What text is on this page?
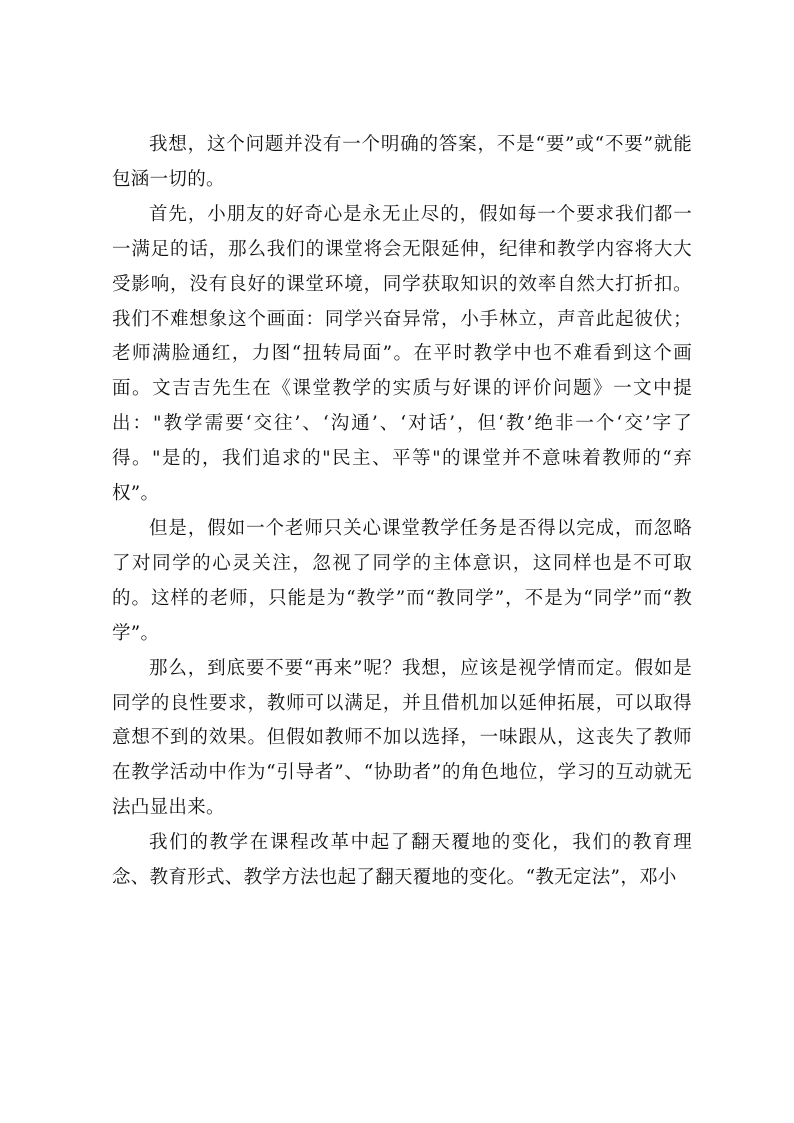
我想，这个问题并没有一个明确的答案，不是“要”或“不要”就能包涵一切的。

首先，小朋友的好奇心是永无止尽的，假如每一个要求我们都一一满足的话，那么我们的课堂将会无限延伸，纪律和教学内容将大大受影响，没有良好的课堂环境，同学获取知识的效率自然大打折扣。我们不难想象这个画面：同学兴奋异常，小手林立，声音此起彼伏；老师满脸通红，力图“扭转局面”。在平时教学中也不难看到这个画面。文吉吉先生在《课堂教学的实质与好课的评价问题》一文中提出："教学需要‘交往’、‘沟通’、‘对话’，但‘教’绝非一个‘交’字了得。"是的，我们追求的"民主、平等"的课堂并不意味着教师的“弃权”。

但是，假如一个老师只关心课堂教学任务是否得以完成，而忽略了对同学的心灵关注，忽视了同学的主体意识，这同样也是不可取的。这样的老师，只能是为“教学”而“教同学”，不是为“同学”而“教学”。

那么，到底要不要“再来”呢？我想，应该是视学情而定。假如是同学的良性要求，教师可以满足，并且借机加以延伸拓展，可以取得意想不到的效果。但假如教师不加以选择，一味跟从，这丧失了教师在教学活动中作为“引导者”、“协助者”的角色地位，学习的互动就无法凸显出来。

我们的教学在课程改革中起了翻天覆地的变化，我们的教育理念、教育形式、教学方法也起了翻天覆地的变化。“教无定法”，邓小
